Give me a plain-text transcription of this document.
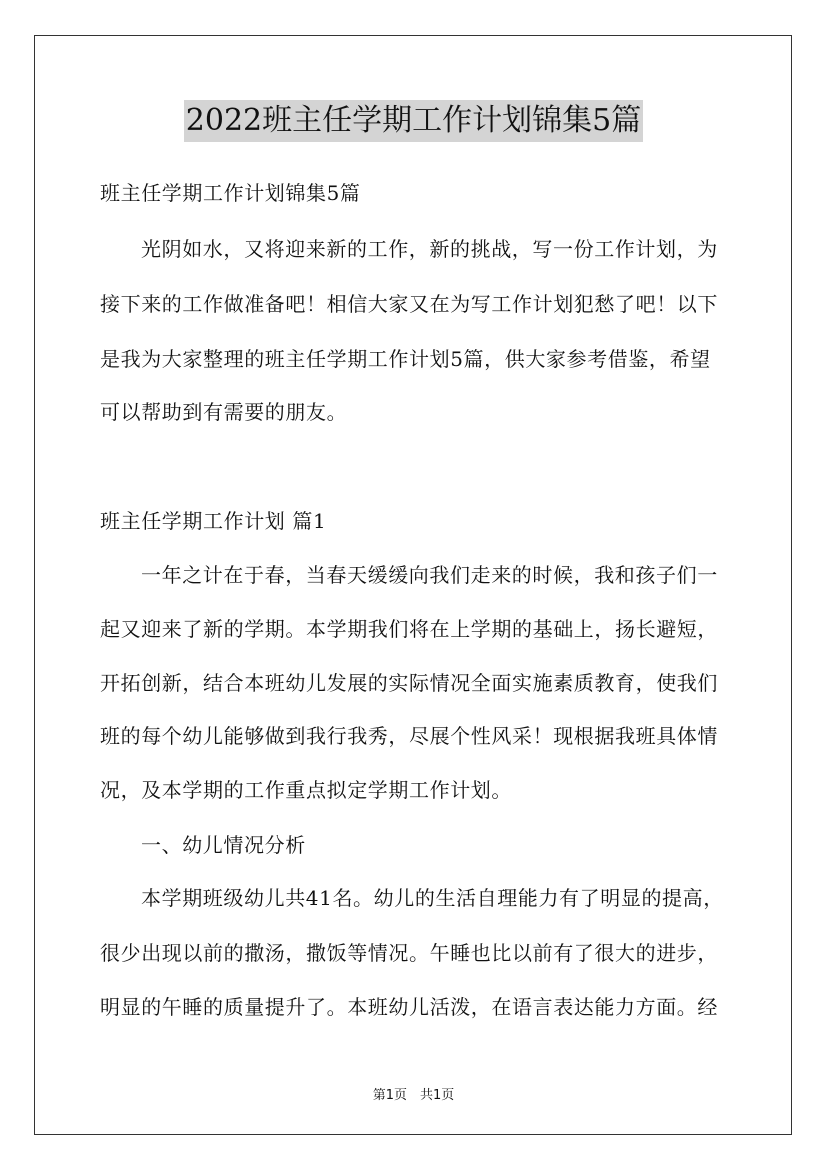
2022班主任学期工作计划锦集5篇
班主任学期工作计划锦集5篇
光阴如水，又将迎来新的工作，新的挑战，写一份工作计划，为
接下来的工作做准备吧！相信大家又在为写工作计划犯愁了吧！以下
是我为大家整理的班主任学期工作计划5篇，供大家参考借鉴，希望
可以帮助到有需要的朋友。
班主任学期工作计划 篇1
一年之计在于春，当春天缓缓向我们走来的时候，我和孩子们一
起又迎来了新的学期。本学期我们将在上学期的基础上，扬长避短，
开拓创新，结合本班幼儿发展的实际情况全面实施素质教育，使我们
班的每个幼儿能够做到我行我秀，尽展个性风采！现根据我班具体情
况，及本学期的工作重点拟定学期工作计划。
一、幼儿情况分析
本学期班级幼儿共41名。幼儿的生活自理能力有了明显的提高，
很少出现以前的撒汤，撒饭等情况。午睡也比以前有了很大的进步，
明显的午睡的质量提升了。本班幼儿活泼，在语言表达能力方面。经
第1页　共1页
